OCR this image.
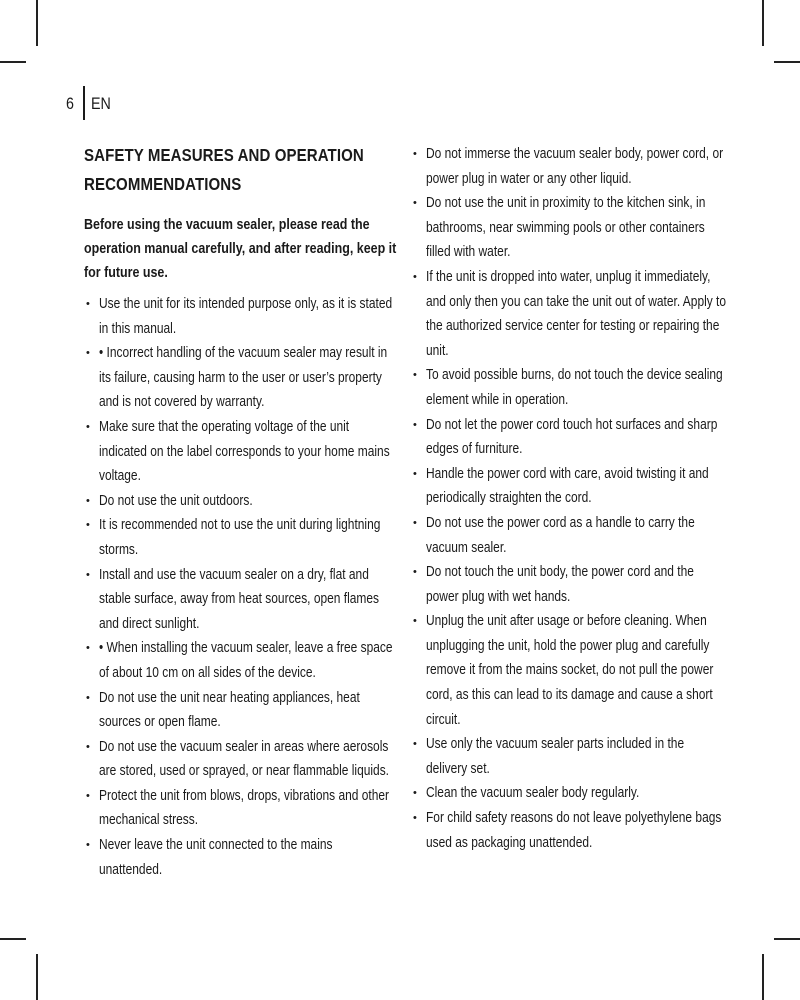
6 EN
SAFETY MEASURES AND OPERATION RECOMMENDATIONS

Before using the vacuum sealer, please read the operation manual carefully, and after reading, keep it for future use.

• Use the unit for its intended purpose only, as it is stated in this manual.
• • Incorrect handling of the vacuum sealer may result in its failure, causing harm to the user or user’s property and is not covered by warranty.
• Make sure that the operating voltage of the unit indicated on the label corresponds to your home mains voltage.
• Do not use the unit outdoors.
• It is recommended not to use the unit during lightning storms.
• Install and use the vacuum sealer on a dry, flat and stable surface, away from heat sources, open flames and direct sunlight.
• • When installing the vacuum sealer, leave a free space of about 10 cm on all sides of the device.
• Do not use the unit near heating appliances, heat sources or open flame.
• Do not use the vacuum sealer in areas where aerosols are stored, used or sprayed, or near flammable liquids.
• Protect the unit from blows, drops, vibrations and other mechanical stress.
• Never leave the unit connected to the mains unattended.
• Do not immerse the vacuum sealer body, power cord, or power plug in water or any other liquid.
• Do not use the unit in proximity to the kitchen sink, in bathrooms, near swimming pools or other containers filled with water.
• If the unit is dropped into water, unplug it immediately, and only then you can take the unit out of water. Apply to the authorized service center for testing or repairing the unit.
• To avoid possible burns, do not touch the device sealing element while in operation.
• Do not let the power cord touch hot surfaces and sharp edges of furniture.
• Handle the power cord with care, avoid twisting it and periodically straighten the cord.
• Do not use the power cord as a handle to carry the vacuum sealer.
• Do not touch the unit body, the power cord and the power plug with wet hands.
• Unplug the unit after usage or before cleaning. When unplugging the unit, hold the power plug and carefully remove it from the mains socket, do not pull the power cord, as this can lead to its damage and cause a short circuit.
• Use only the vacuum sealer parts included in the delivery set.
• Clean the vacuum sealer body regularly.
• For child safety reasons do not leave polyethylene bags used as packaging unattended.
